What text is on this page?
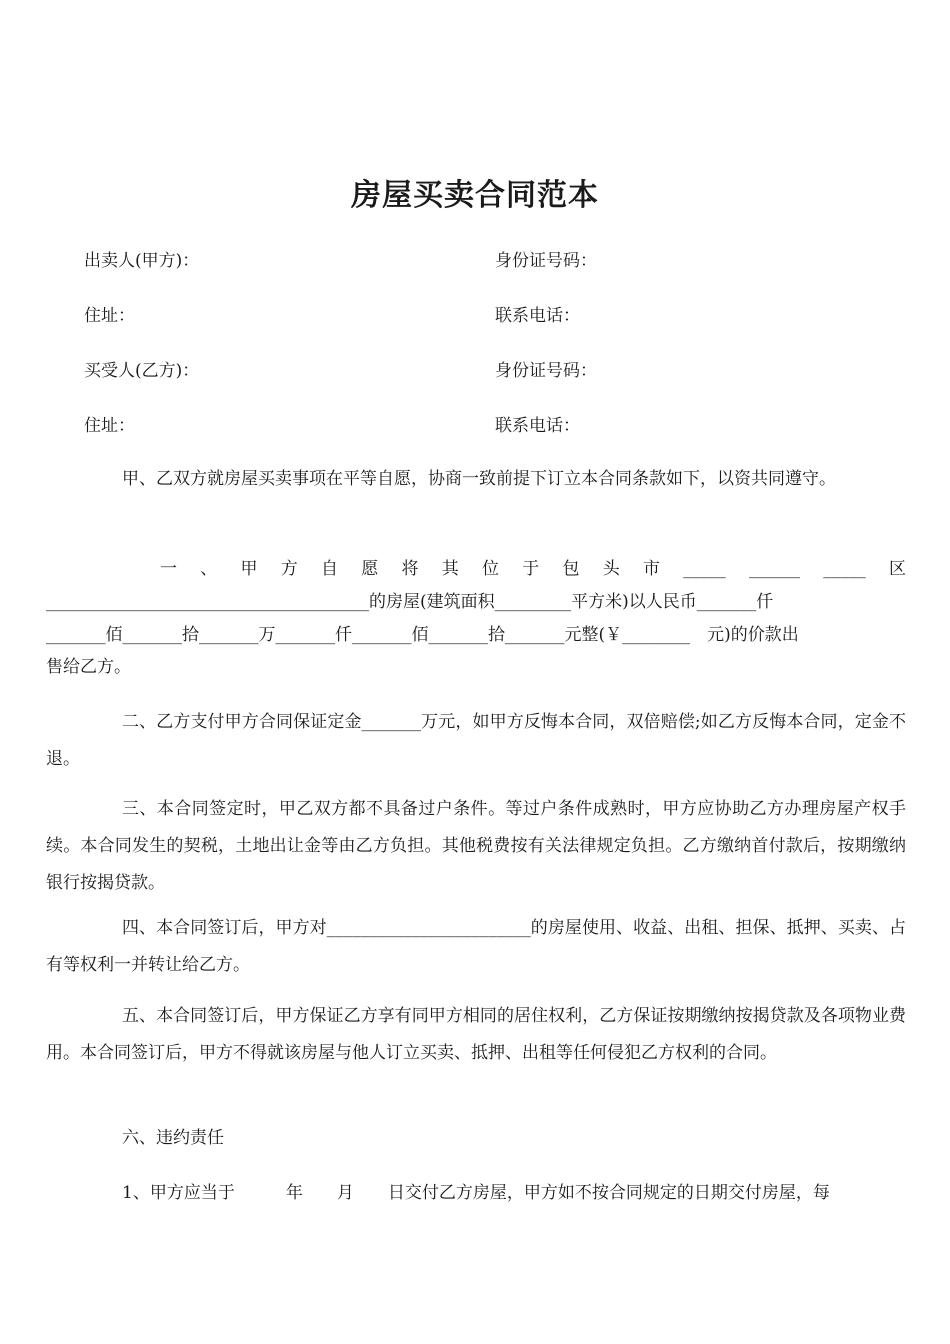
房屋买卖合同范本
出卖人(甲方)：	身份证号码：
住址：	联系电话：
买受人(乙方)：	身份证号码：
住址：	联系电话：
甲、乙双方就房屋买卖事项在平等自愿，协商一致前提下订立本合同条款如下，以资共同遵守。
一 、 甲 方 自 愿 将 其 位 于 包 头 市 _____ ______ _____ 区
______________________________________的房屋(建筑面积_________平方米)以人民币_______仟
_______佰_______拾_______万_______仟_______佰_______拾_______元整(￥________　元)的价款出
售给乙方。
二、乙方支付甲方合同保证定金_______万元，如甲方反悔本合同，双倍赔偿;如乙方反悔本合同，定金不退。
三、本合同签定时，甲乙双方都不具备过户条件。等过户条件成熟时，甲方应协助乙方办理房屋产权手续。本合同发生的契税，土地出让金等由乙方负担。其他税费按有关法律规定负担。乙方缴纳首付款后，按期缴纳银行按揭贷款。
四、本合同签订后，甲方对________________________的房屋使用、收益、出租、担保、抵押、买卖、占有等权利一并转让给乙方。
五、本合同签订后，甲方保证乙方享有同甲方相同的居住权利，乙方保证按期缴纳按揭贷款及各项物业费用。本合同签订后，甲方不得就该房屋与他人订立买卖、抵押、出租等任何侵犯乙方权利的合同。
六、违约责任
1、甲方应当于　　　年　　月　　日交付乙方房屋，甲方如不按合同规定的日期交付房屋，每
